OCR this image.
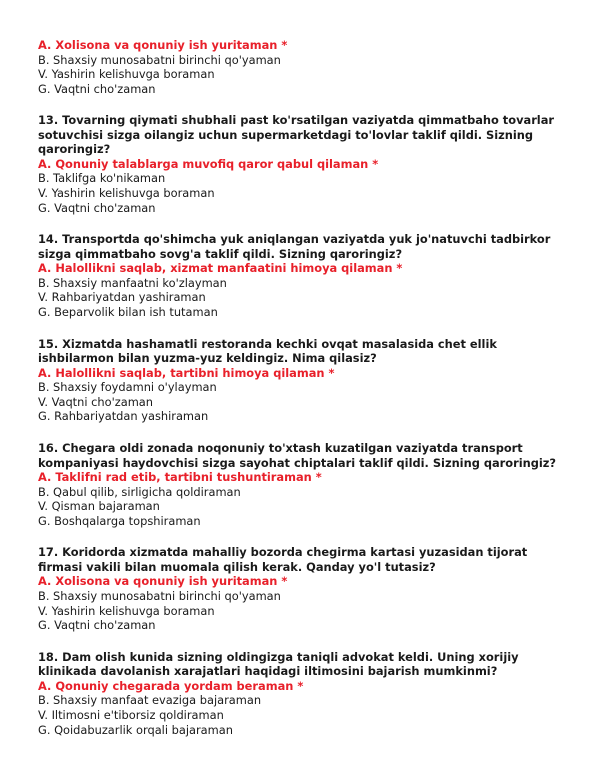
A. Xolisona va qonuniy ish yuritaman *

B. Shaxsiy munosabatni birinchi qo'yaman

V. Yashirin kelishuvga boraman

G. Vaqtni cho'zaman

13. Tovarning qiymati shubhali past ko'rsatilgan vaziyatda qimmatbaho tovarlar sotuvchisi sizga oilangiz uchun supermarketdagi to'lovlar taklif qildi. Sizning qaroringiz?

A. Qonuniy talablarga muvofiq qaror qabul qilaman *

B. Taklifga ko'nikaman

V. Yashirin kelishuvga boraman

G. Vaqtni cho'zaman

14. Transportda qo'shimcha yuk aniqlangan vaziyatda yuk jo'natuvchi tadbirkor sizga qimmatbaho sovg'a taklif qildi. Sizning qaroringiz?

A. Halollikni saqlab, xizmat manfaatini himoya qilaman *

B. Shaxsiy manfaatni ko'zlayman

V. Rahbariyatdan yashiraman

G. Beparvolik bilan ish tutaman

15. Xizmatda hashamatli restoranda kechki ovqat masalasida chet ellik ishbilarmon bilan yuzma-yuz keldingiz. Nima qilasiz?

A. Halollikni saqlab, tartibni himoya qilaman *

B. Shaxsiy foydamni o'ylayman

V. Vaqtni cho'zaman

G. Rahbariyatdan yashiraman

16. Chegara oldi zonada noqonuniy to'xtash kuzatilgan vaziyatda transport kompaniyasi haydovchisi sizga sayohat chiptalari taklif qildi. Sizning qaroringiz?

A. Taklifni rad etib, tartibni tushuntiraman *

B. Qabul qilib, sirligicha qoldiraman

V. Qisman bajaraman

G. Boshqalarga topshiraman

17. Koridorda xizmatda mahalliy bozorda chegirma kartasi yuzasidan tijorat firmasi vakili bilan muomala qilish kerak. Qanday yo'l tutasiz?

A. Xolisona va qonuniy ish yuritaman *

B. Shaxsiy munosabatni birinchi qo'yaman

V. Yashirin kelishuvga boraman

G. Vaqtni cho'zaman

18. Dam olish kunida sizning oldingizga taniqli advokat keldi. Uning xorijiy klinikada davolanish xarajatlari haqidagi iltimosini bajarish mumkinmi?

A. Qonuniy chegarada yordam beraman *

B. Shaxsiy manfaat evaziga bajaraman

V. Iltimosni e'tiborsiz qoldiraman

G. Qoidabuzarlik orqali bajaraman
